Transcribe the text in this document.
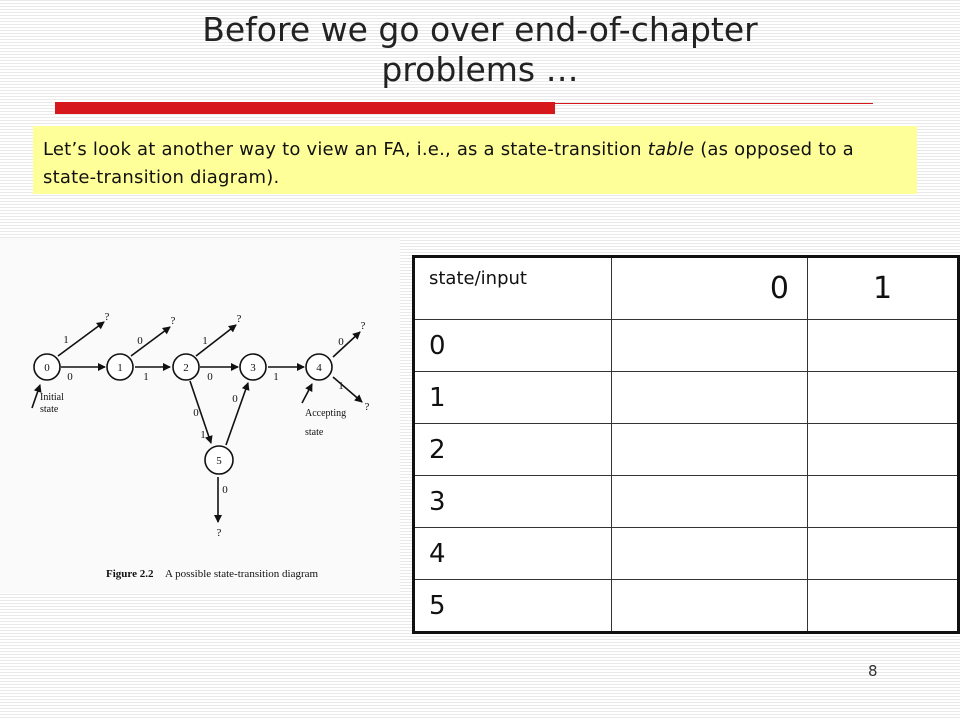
Before we go over end-of-chapter
problems …
Let’s look at another way to view an FA, i.e., as a state-transition table (as opposed to a state-transition diagram).
0	1	2	3	4
5
0	1	0	1
1	0	1	0
1
0
0
1
0
?	?	?
?
?
?
Initial
state	Accepting
state
Figure 2.2 A possible state-transition diagram
state/input	0	1
0		
1		
2		
3		
4		
5		
8
